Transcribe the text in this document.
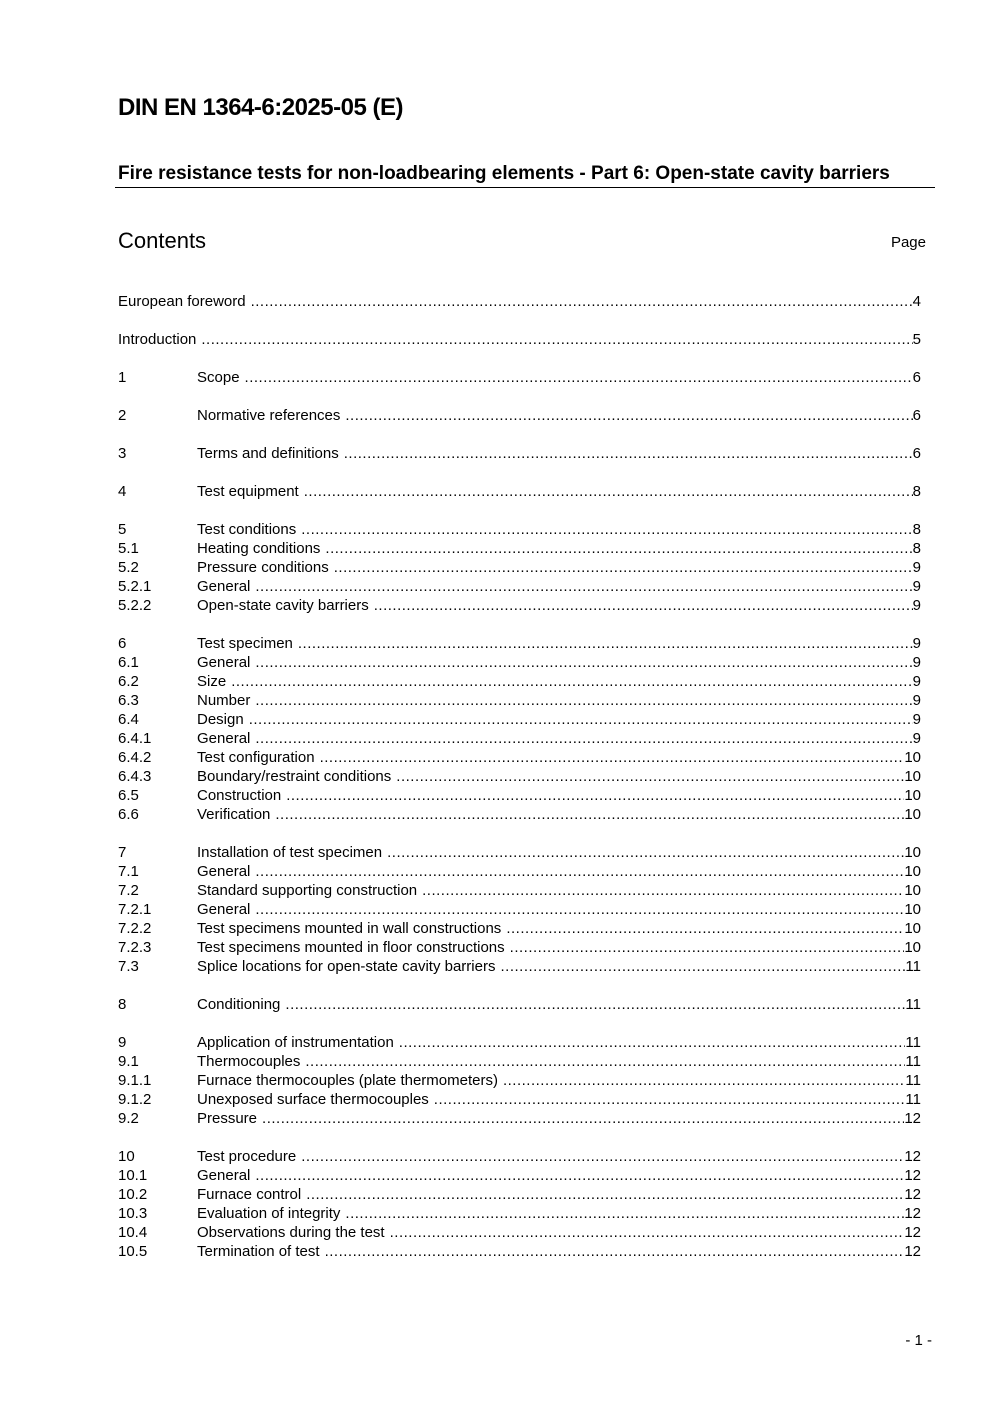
DIN EN 1364-6:2025-05 (E)
Fire resistance tests for non-loadbearing elements - Part 6: Open-state cavity barriers
Contents	Page
European foreword .....	4
Introduction .....	5
1	Scope .....	6
2	Normative references .....	6
3	Terms and definitions .....	6
4	Test equipment .....	8
5	Test conditions .....	8
5.1	Heating conditions .....	8
5.2	Pressure conditions .....	9
5.2.1	General .....	9
5.2.2	Open-state cavity barriers .....	9
6	Test specimen .....	9
6.1	General .....	9
6.2	Size .....	9
6.3	Number .....	9
6.4	Design .....	9
6.4.1	General .....	9
6.4.2	Test configuration .....	10
6.4.3	Boundary/restraint conditions .....	10
6.5	Construction .....	10
6.6	Verification .....	10
7	Installation of test specimen .....	10
7.1	General .....	10
7.2	Standard supporting construction .....	10
7.2.1	General .....	10
7.2.2	Test specimens mounted in wall constructions .....	10
7.2.3	Test specimens mounted in floor constructions .....	10
7.3	Splice locations for open-state cavity barriers .....	11
8	Conditioning .....	11
9	Application of instrumentation .....	11
9.1	Thermocouples .....	11
9.1.1	Furnace thermocouples (plate thermometers) .....	11
9.1.2	Unexposed surface thermocouples .....	11
9.2	Pressure .....	12
10	Test procedure .....	12
10.1	General .....	12
10.2	Furnace control .....	12
10.3	Evaluation of integrity .....	12
10.4	Observations during the test .....	12
10.5	Termination of test .....	12
- 1 -
